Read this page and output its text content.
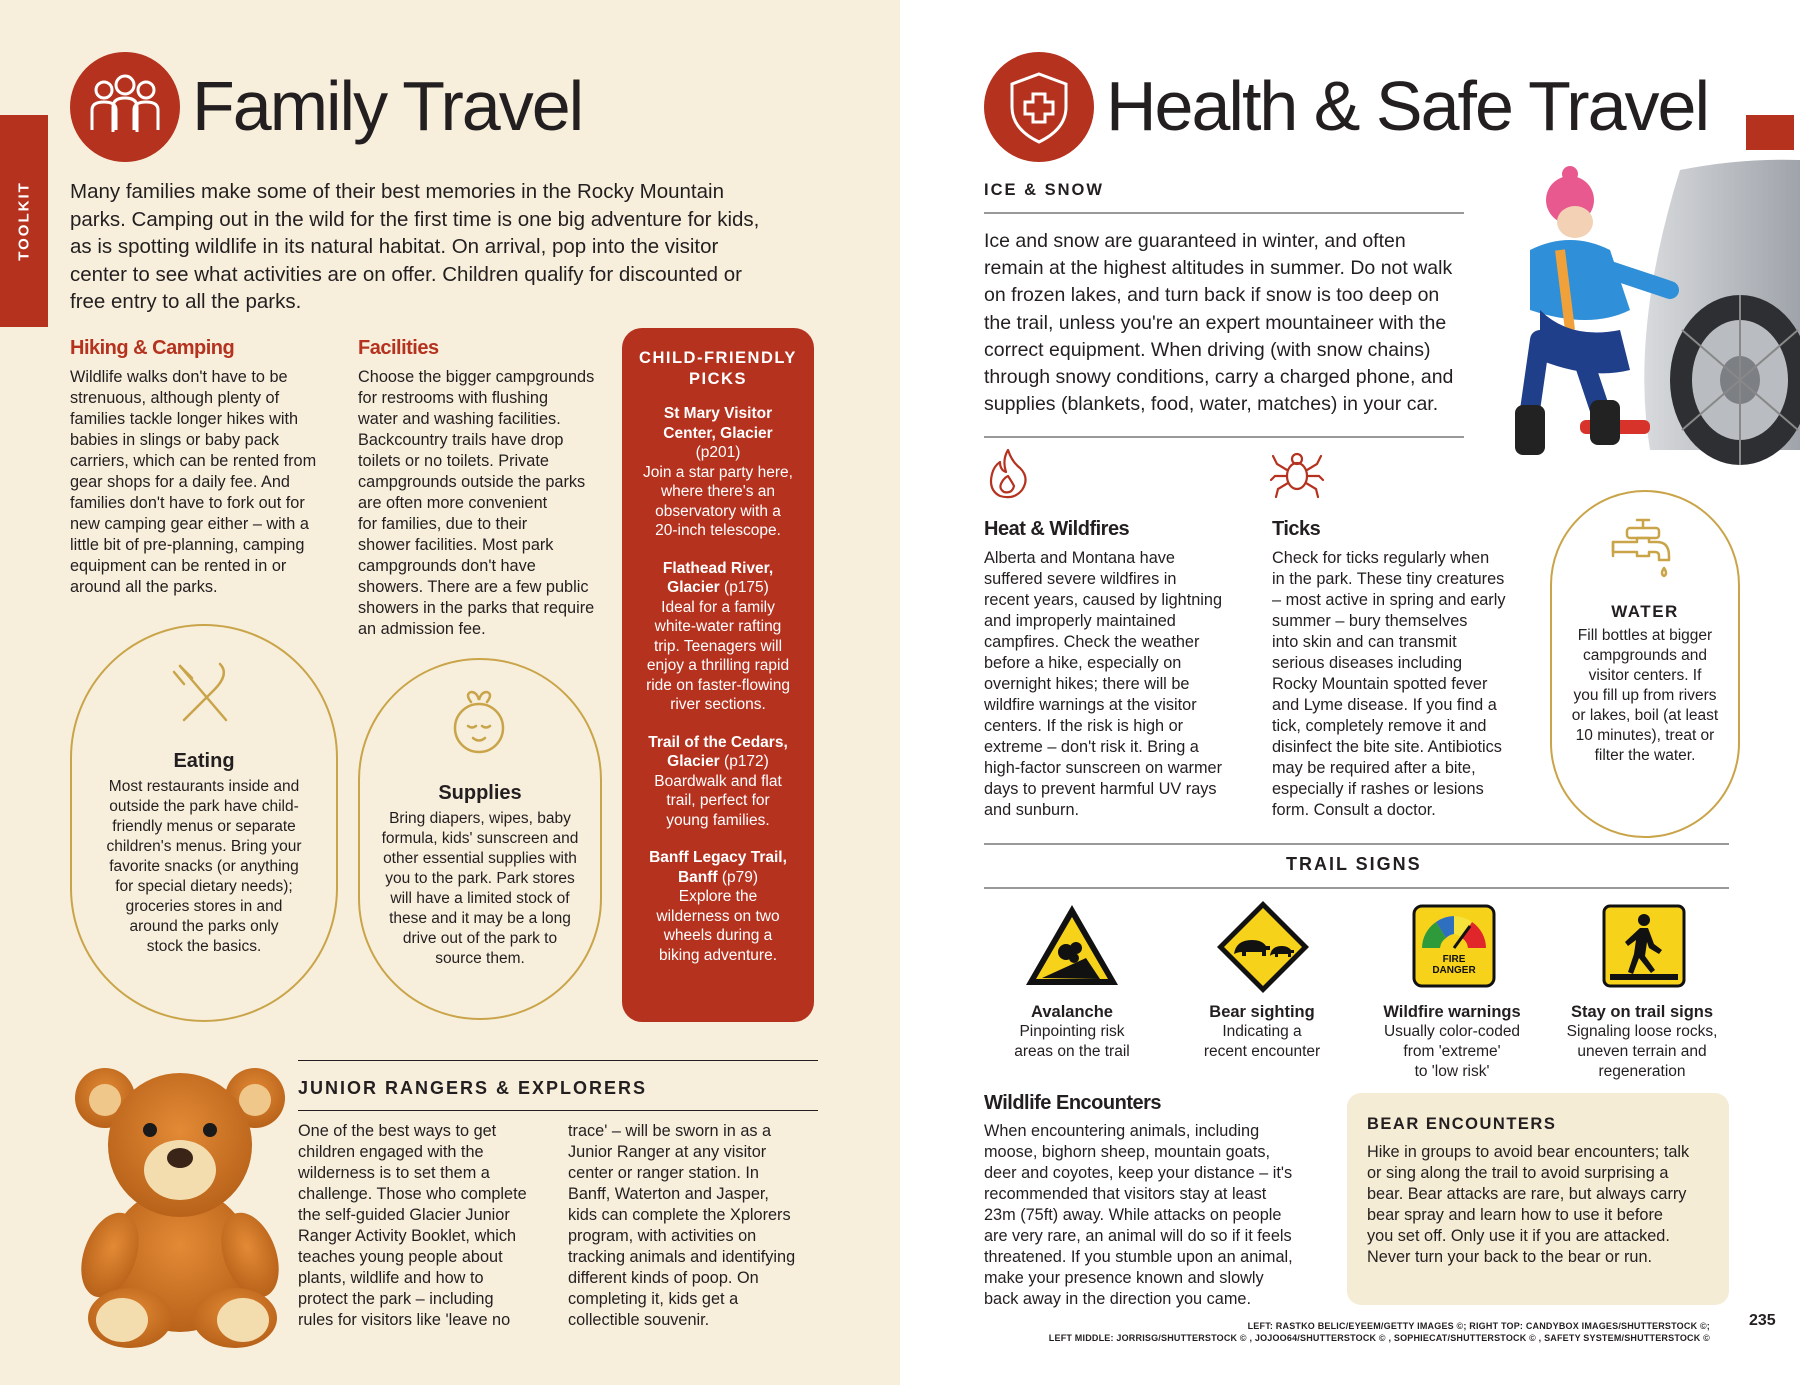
TOOLKIT
Family Travel
Many families make some of their best memories in the Rocky Mountain
parks. Camping out in the wild for the first time is one big adventure for kids,
as is spotting wildlife in its natural habitat. On arrival, pop into the visitor
center to see what activities are on offer. Children qualify for discounted or
free entry to all the parks.
Hiking & Camping
Wildlife walks don't have to be
strenuous, although plenty of
families tackle longer hikes with
babies in slings or baby pack
carriers, which can be rented from
gear shops for a daily fee. And
families don't have to fork out for
new camping gear either – with a
little bit of pre-planning, camping
equipment can be rented in or
around all the parks.
Facilities
Choose the bigger campgrounds
for restrooms with flushing
water and washing facilities.
Backcountry trails have drop
toilets or no toilets. Private
campgrounds outside the parks
are often more convenient
for families, due to their
shower facilities. Most park
campgrounds don't have
showers. There are a few public
showers in the parks that require
an admission fee.
Eating
Most restaurants inside and
outside the park have child-
friendly menus or separate
children's menus. Bring your
favorite snacks (or anything
for special dietary needs);
groceries stores in and
around the parks only
stock the basics.
Supplies
Bring diapers, wipes, baby
formula, kids' sunscreen and
other essential supplies with
you to the park. Park stores
will have a limited stock of
these and it may be a long
drive out of the park to
source them.
CHILD-FRIENDLY
PICKS
St Mary Visitor
Center, Glacier
(p201)
Join a star party here,
where there's an
observatory with a
20-inch telescope.
Flathead River,
Glacier (p175)
Ideal for a family
white-water rafting
trip. Teenagers will
enjoy a thrilling rapid
ride on faster-flowing
river sections.
Trail of the Cedars,
Glacier (p172)
Boardwalk and flat
trail, perfect for
young families.
Banff Legacy Trail,
Banff (p79)
Explore the
wilderness on two
wheels during a
biking adventure.
JUNIOR RANGERS & EXPLORERS
One of the best ways to get
children engaged with the
wilderness is to set them a
challenge. Those who complete
the self-guided Glacier Junior
Ranger Activity Booklet, which
teaches young people about
plants, wildlife and how to
protect the park – including
rules for visitors like 'leave no
trace' – will be sworn in as a
Junior Ranger at any visitor
center or ranger station. In
Banff, Waterton and Jasper,
kids can complete the Xplorers
program, with activities on
tracking animals and identifying
different kinds of poop. On
completing it, kids get a
collectible souvenir.
Health & Safe Travel
ICE & SNOW
Ice and snow are guaranteed in winter, and often
remain at the highest altitudes in summer. Do not walk
on frozen lakes, and turn back if snow is too deep on
the trail, unless you're an expert mountaineer with the
correct equipment. When driving (with snow chains)
through snowy conditions, carry a charged phone, and
supplies (blankets, food, water, matches) in your car.
Heat & Wildfires
Alberta and Montana have
suffered severe wildfires in
recent years, caused by lightning
and improperly maintained
campfires. Check the weather
before a hike, especially on
overnight hikes; there will be
wildfire warnings at the visitor
centers. If the risk is high or
extreme – don't risk it. Bring a
high-factor sunscreen on warmer
days to prevent harmful UV rays
and sunburn.
Ticks
Check for ticks regularly when
in the park. These tiny creatures
– most active in spring and early
summer – bury themselves
into skin and can transmit
serious diseases including
Rocky Mountain spotted fever
and Lyme disease. If you find a
tick, completely remove it and
disinfect the bite site. Antibiotics
may be required after a bite,
especially if rashes or lesions
form. Consult a doctor.
WATER
Fill bottles at bigger
campgrounds and
visitor centers. If
you fill up from rivers
or lakes, boil (at least
10 minutes), treat or
filter the water.
TRAIL SIGNS
Avalanche
Pinpointing risk
areas on the trail
Bear sighting
Indicating a
recent encounter
FIRE
DANGER
Wildfire warnings
Usually color-coded
from 'extreme'
to 'low risk'
Stay on trail signs
Signaling loose rocks,
uneven terrain and
regeneration
Wildlife Encounters
When encountering animals, including
moose, bighorn sheep, mountain goats,
deer and coyotes, keep your distance – it's
recommended that visitors stay at least
23m (75ft) away. While attacks on people
are very rare, an animal will do so if it feels
threatened. If you stumble upon an animal,
make your presence known and slowly
back away in the direction you came.
BEAR ENCOUNTERS
Hike in groups to avoid bear encounters; talk
or sing along the trail to avoid surprising a
bear. Bear attacks are rare, but always carry
bear spray and learn how to use it before
you set off. Only use it if you are attacked.
Never turn your back to the bear or run.
LEFT: RASTKO BELIC/EYEEM/GETTY IMAGES ©; RIGHT TOP: CANDYBOX IMAGES/SHUTTERSTOCK ©;
LEFT MIDDLE: JORRISG/SHUTTERSTOCK © , JOJOO64/SHUTTERSTOCK © , SOPHIECAT/SHUTTERSTOCK © , SAFETY SYSTEM/SHUTTERSTOCK ©
235
